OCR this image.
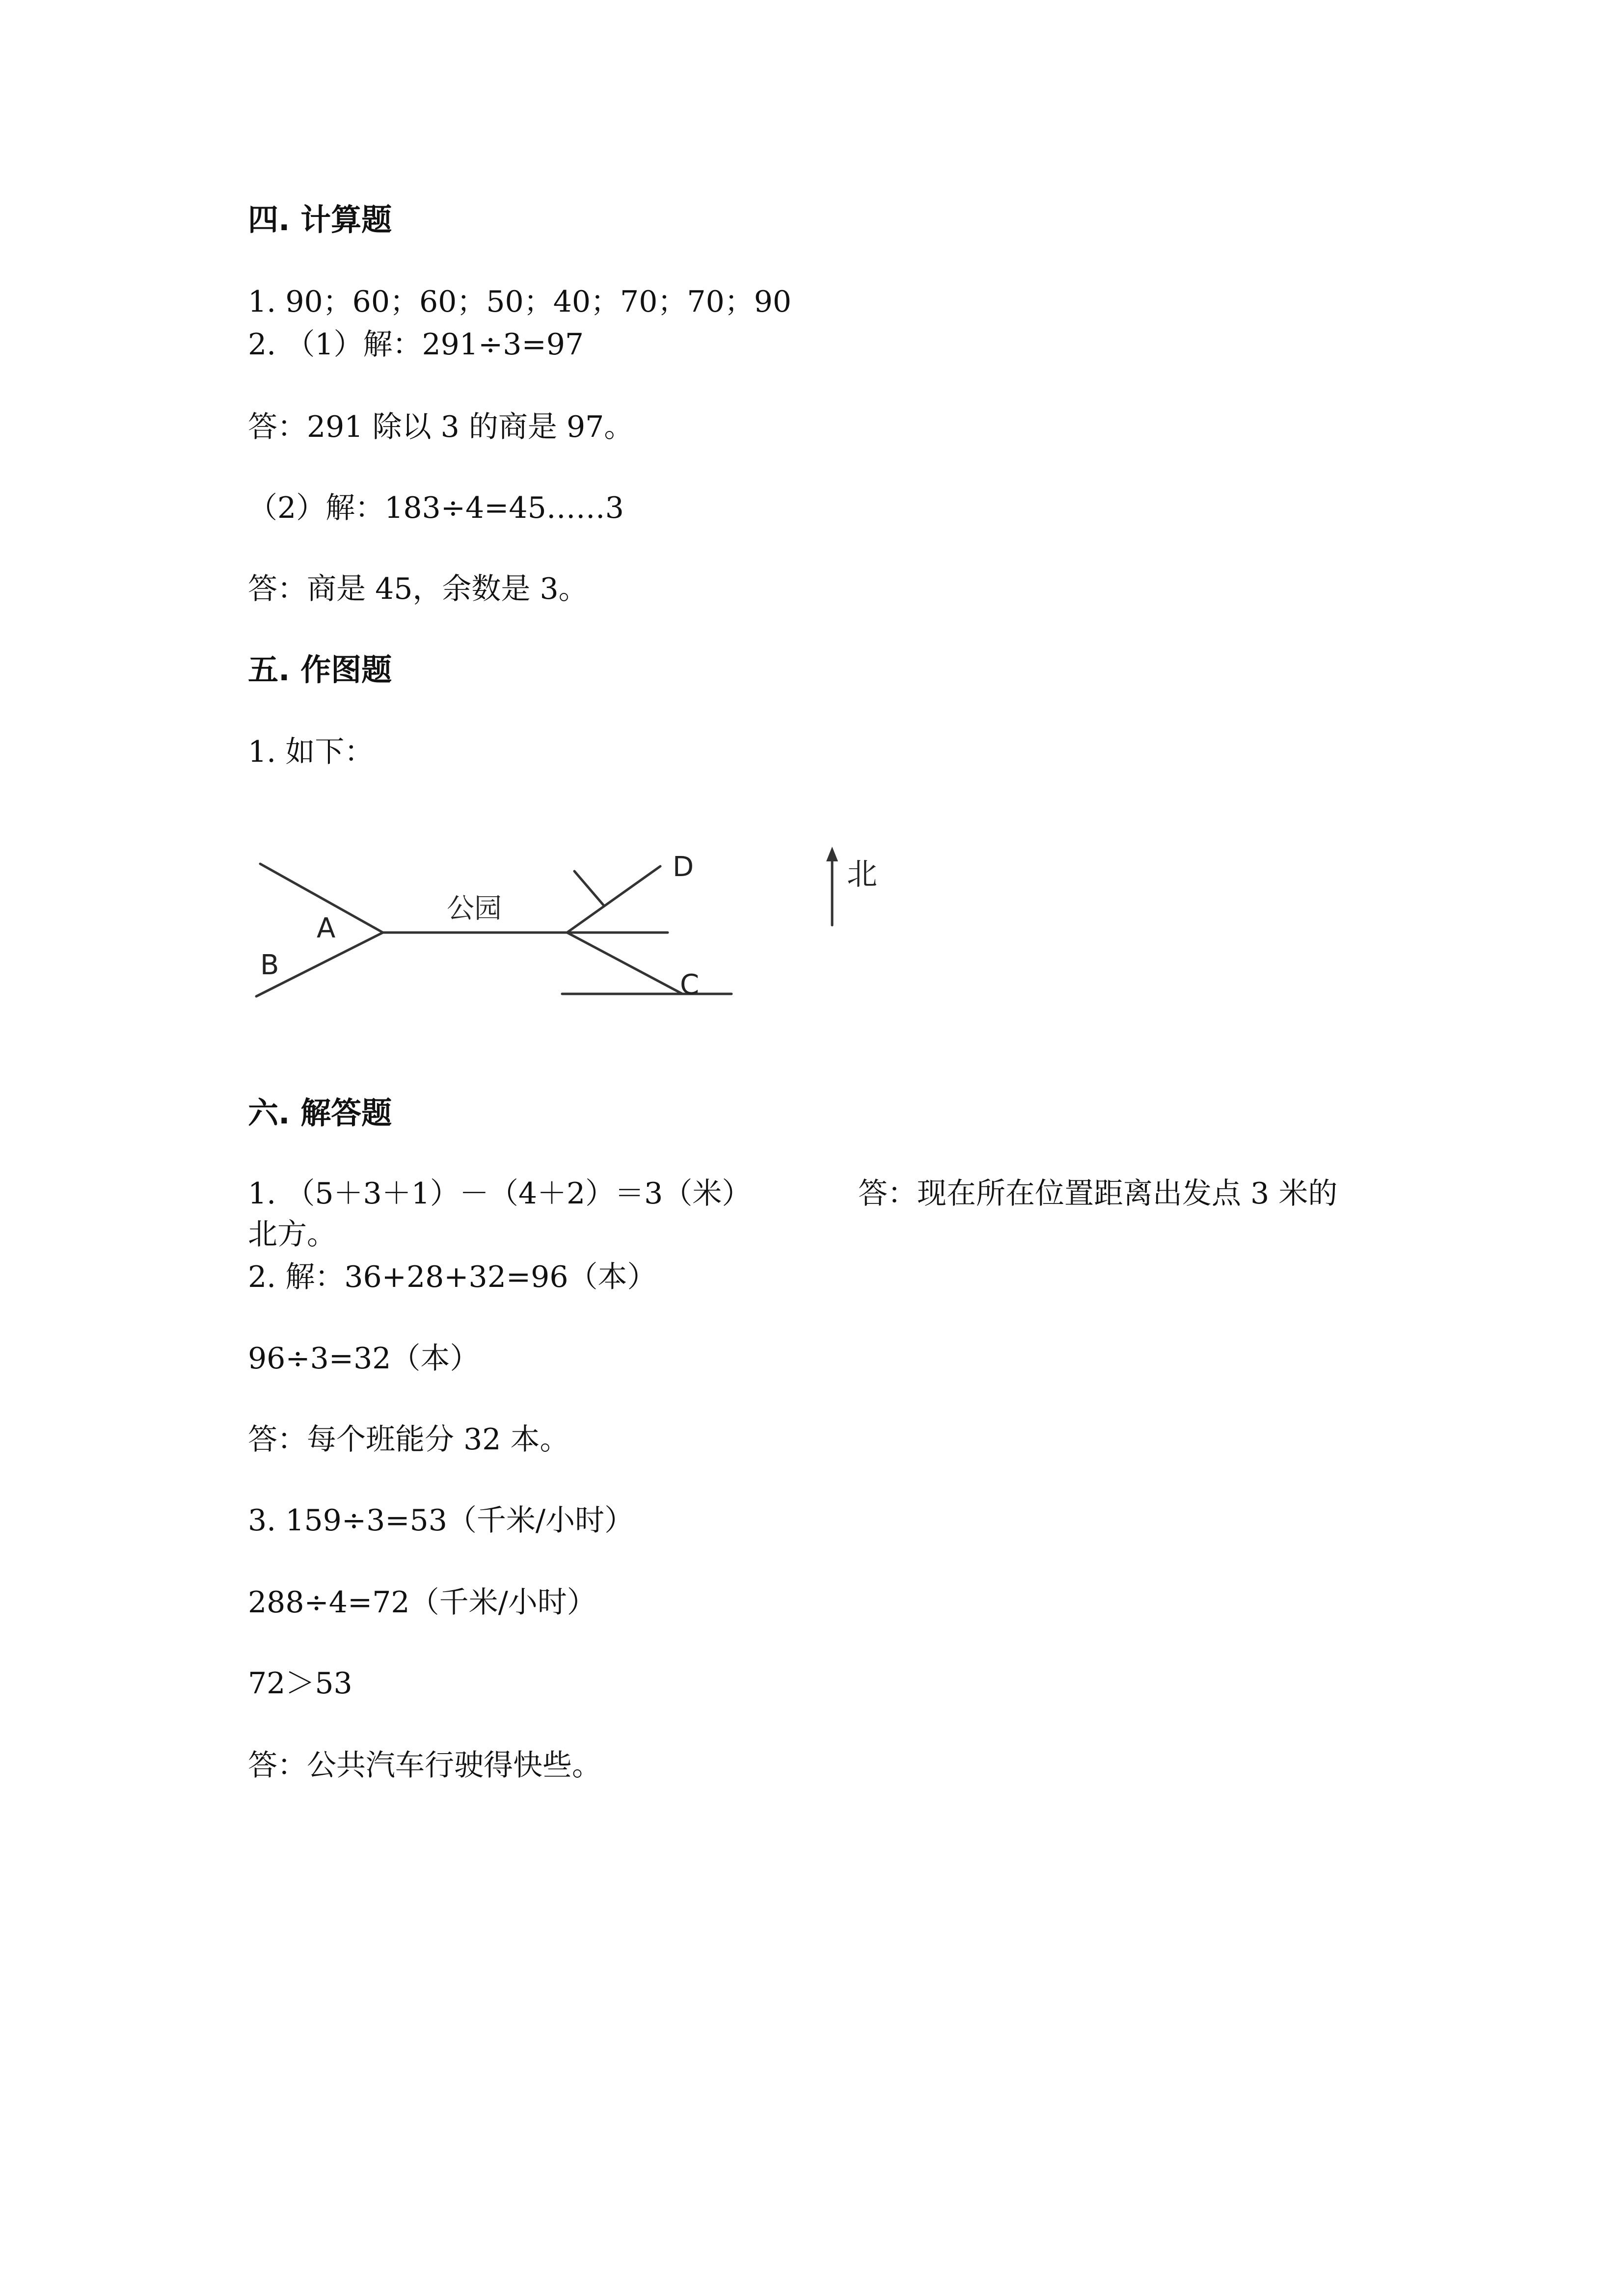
四. 计算题
1. 90；60；60；50；40；70；70；90
2. （1）解：291÷3=97
答：291 除以 3 的商是 97。
（2）解：183÷4=45……3
答：商是 45，余数是 3。
五. 作图题
1. 如下：
公园
A
B
C
D	北
六. 解答题
1. （5＋3＋1）－（4＋2）＝3（米）	答：现在所在位置距离出发点 3 米的
北方。
2. 解：36+28+32=96（本）
96÷3=32（本）
答：每个班能分 32 本。
3. 159÷3=53（千米/小时）
288÷4=72（千米/小时）
72＞53
答：公共汽车行驶得快些。
